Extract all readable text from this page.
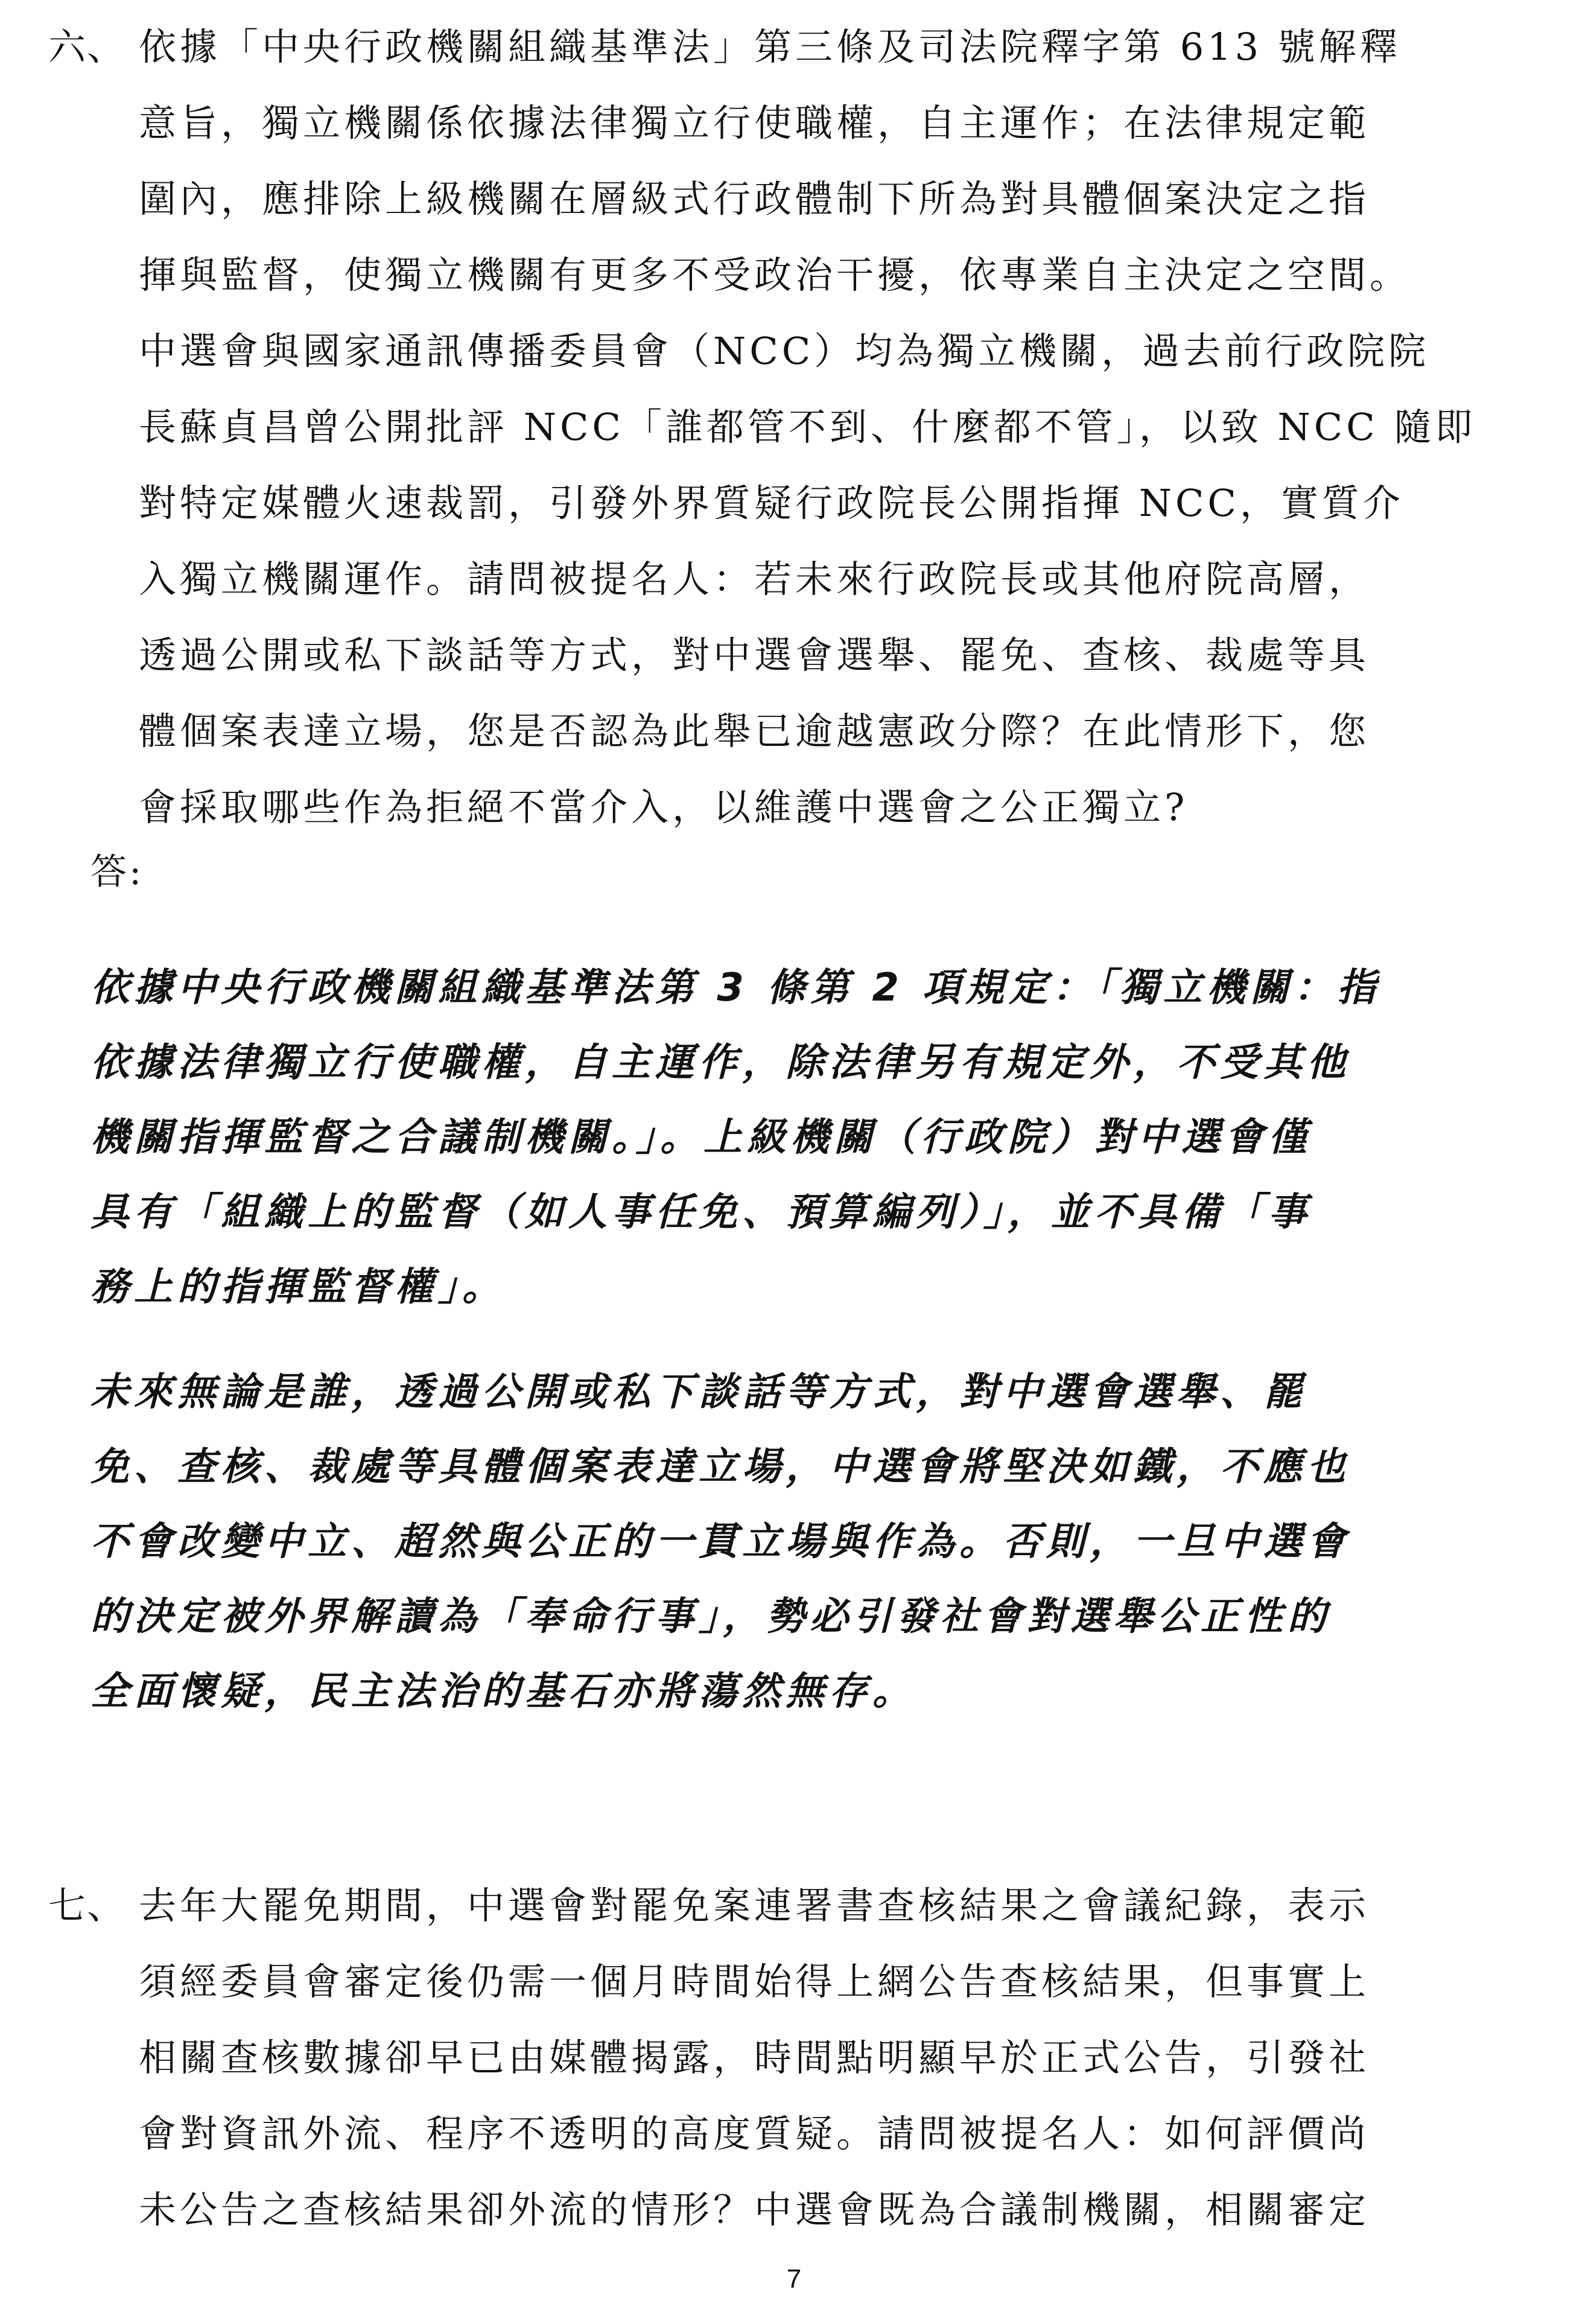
六、 依據「中央行政機關組織基準法」第三條及司法院釋字第 613 號解釋
意旨，獨立機關係依據法律獨立行使職權，自主運作；在法律規定範
圍內，應排除上級機關在層級式行政體制下所為對具體個案決定之指
揮與監督，使獨立機關有更多不受政治干擾，依專業自主決定之空間。
中選會與國家通訊傳播委員會（NCC）均為獨立機關，過去前行政院院
長蘇貞昌曾公開批評 NCC「誰都管不到、什麼都不管」，以致 NCC 隨即
對特定媒體火速裁罰，引發外界質疑行政院長公開指揮 NCC，實質介
入獨立機關運作。請問被提名人：若未來行政院長或其他府院高層，
透過公開或私下談話等方式，對中選會選舉、罷免、查核、裁處等具
體個案表達立場，您是否認為此舉已逾越憲政分際？在此情形下，您
會採取哪些作為拒絕不當介入，以維護中選會之公正獨立?
答:
依據中央行政機關組織基準法第 3 條第 2 項規定：「獨立機關：指
依據法律獨立行使職權，自主運作，除法律另有規定外，不受其他
機關指揮監督之合議制機關。」。上級機關（行政院）對中選會僅
具有「組織上的監督（如人事任免、預算編列）」，並不具備「事
務上的指揮監督權」。
未來無論是誰，透過公開或私下談話等方式，對中選會選舉、罷
免、查核、裁處等具體個案表達立場，中選會將堅決如鐵，不應也
不會改變中立、超然與公正的一貫立場與作為。否則，一旦中選會
的決定被外界解讀為「奉命行事」，勢必引發社會對選舉公正性的
全面懷疑，民主法治的基石亦將蕩然無存。
七、 去年大罷免期間，中選會對罷免案連署書查核結果之會議紀錄，表示
須經委員會審定後仍需一個月時間始得上網公告查核結果，但事實上
相關查核數據卻早已由媒體揭露，時間點明顯早於正式公告，引發社
會對資訊外流、程序不透明的高度質疑。請問被提名人：如何評價尚
未公告之查核結果卻外流的情形？中選會既為合議制機關，相關審定
7
